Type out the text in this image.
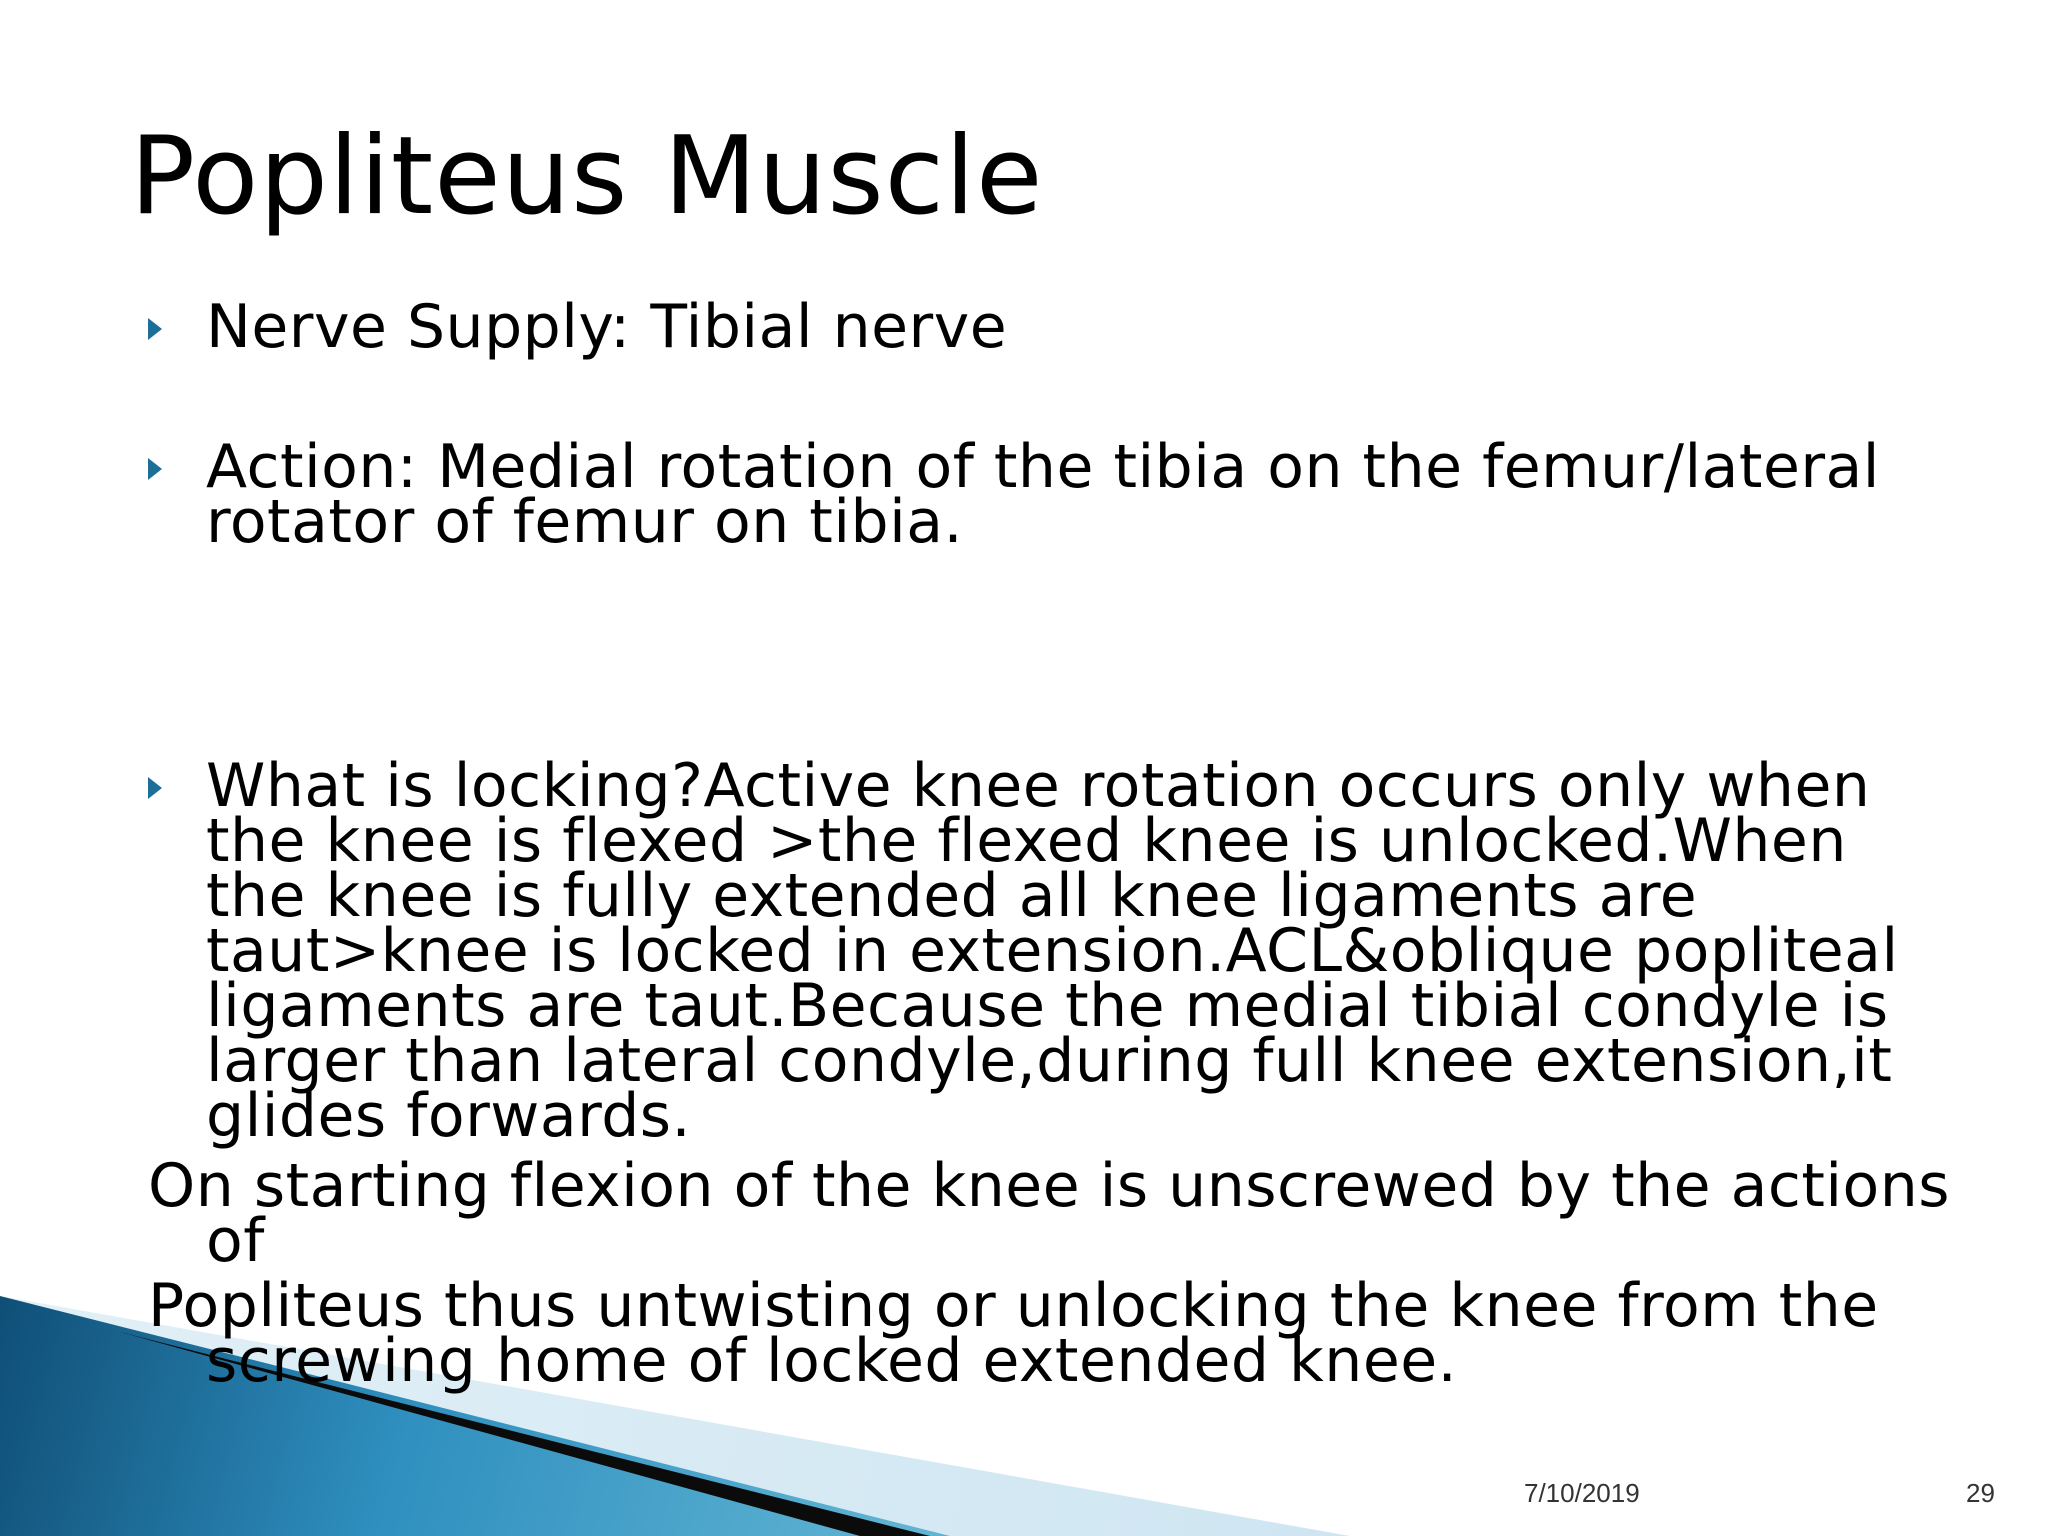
Popliteus Muscle
Nerve Supply: Tibial nerve
Action: Medial rotation of the tibia on the femur/lateral rotator of femur on tibia.
What is locking?Active knee rotation occurs only when the knee is flexed >the flexed knee is unlocked.When the knee is fully extended all knee ligaments are taut>knee is locked in extension.ACL&oblique popliteal ligaments are taut.Because the medial tibial condyle is larger than lateral condyle,during full knee extension,it glides forwards.

On starting flexion of the knee is unscrewed by the actions of

Popliteus thus untwisting or unlocking the knee from the screwing home of locked extended knee.

7/10/2019	29
